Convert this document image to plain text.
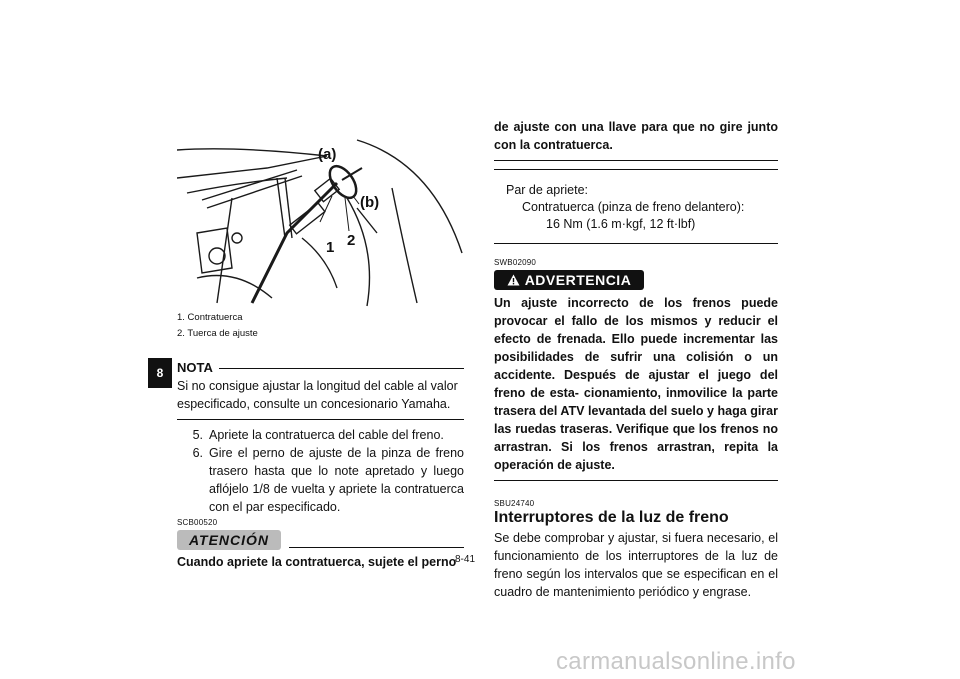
8
(a)
(b)
1 2
1. Contratuerca
2. Tuerca de ajuste
NOTA
Si no consigue ajustar la longitud del cable al valor especificado, consulte un concesionario Yamaha.
5. Apriete la contratuerca del cable del freno.
6. Gire el perno de ajuste de la pinza de freno trasero hasta que lo note apretado y luego aflójelo 1/8 de vuelta y apriete la contratuerca con el par especificado.
SCB00520
ATENCIÓN
Cuando apriete la contratuerca, sujete el perno
de ajuste con una llave para que no gire junto con la contratuerca.
Par de apriete:
Contratuerca (pinza de freno delantero):
16 Nm (1.6 m·kgf, 12 ft·lbf)
SWB02090
ADVERTENCIA
Un ajuste incorrecto de los frenos puede provocar el fallo de los mismos y reducir el efecto de frenada. Ello puede incrementar las posibilidades de sufrir una colisión o un accidente. Después de ajustar el juego del freno de esta- cionamiento, inmovilice la parte trasera del ATV levantada del suelo y haga girar las ruedas traseras. Verifique que los frenos no arrastran. Si los frenos arrastran, repita la operación de ajuste.
SBU24740
Interruptores de la luz de freno
Se debe comprobar y ajustar, si fuera necesario, el funcionamiento de los interruptores de la luz de freno según los intervalos que se especifican en el cuadro de mantenimiento periódico y engrase.
8-41
carmanualsonline.info
